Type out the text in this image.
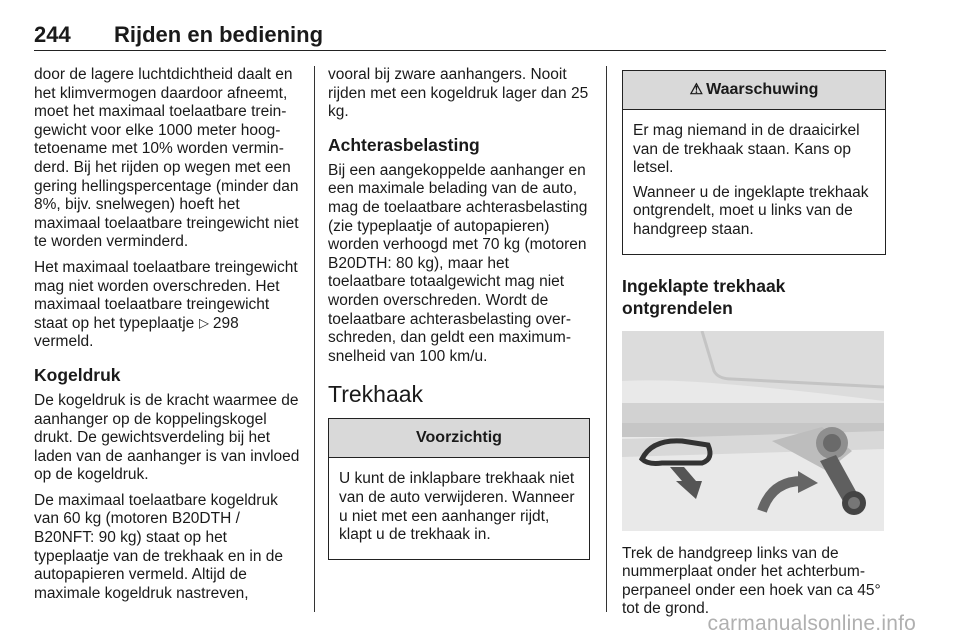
244 Rijden en bediening

door de lagere luchtdichtheid daalt en het klimvermogen daardoor afneemt, moet het maximaal toelaatbare treingewicht voor elke 1000 meter hoogtetoename met 10% worden verminderd. Bij het rijden op wegen met een gering hellingspercentage (minder dan 8%, bijv. snelwegen) hoeft het maximaal toelaatbare treingewicht niet te worden verminderd.

Het maximaal toelaatbare treingewicht mag niet worden overschreden. Het maximaal toelaatbare treingewicht staat op het typeplaatje ◁ 298 vermeld.

Kogeldruk

De kogeldruk is de kracht waarmee de aanhanger op de koppelingskogel drukt. De gewichtsverdeling bij het laden van de aanhanger is van invloed op de kogeldruk.

De maximaal toelaatbare kogeldruk van 60 kg (motoren B20DTH / B20NFT: 90 kg) staat op het typeplaatje van de trekhaak en in de autopapieren vermeld. Altijd de maximale kogeldruk nastreven,

vooral bij zware aanhangers. Nooit rijden met een kogeldruk lager dan 25 kg.

Achterasbelasting

Bij een aangekoppelde aanhanger en een maximale belading van de auto, mag de toelaatbare achterasbelasting (zie typeplaatje of autopapieren) worden verhoogd met 70 kg (motoren B20DTH: 80 kg), maar het toelaatbare totaalgewicht mag niet worden overschreden. Wordt de toelaatbare achterasbelasting overschreden, dan geldt een maximumsnelheid van 100 km/u.

Trekhaak
Voorzichtig

U kunt de inklapbare trekhaak niet van de auto verwijderen. Wanneer u niet met een aanhanger rijdt, klapt u de trekhaak in.

⚠ Waarschuwing

Er mag niemand in de draaicirkel van de trekhaak staan. Kans op letsel.

Wanneer u de ingeklapte trekhaak ontgrendelt, moet u links van de handgreep staan.

Ingeklapte trekhaak ontgrendelen

Trek de handgreep links van de nummerplaat onder het achterbumperpaneel onder een hoek van ca 45° tot de grond.

carmanualsonline.info
